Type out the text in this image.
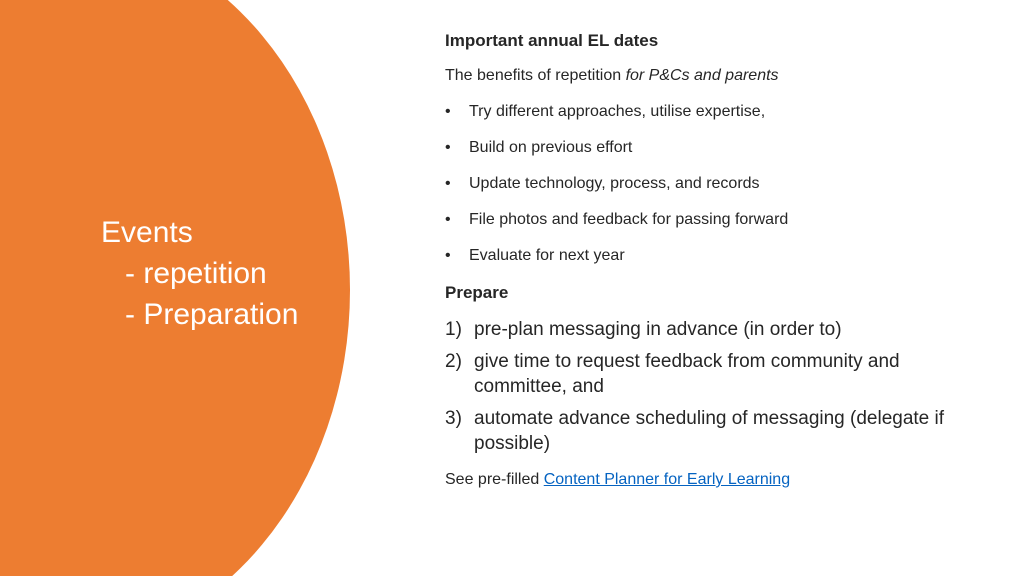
Events
- repetition
- Preparation
Important annual EL dates
The benefits of repetition for P&Cs and parents
• Try different approaches, utilise expertise,
• Build on previous effort
• Update technology, process, and records
• File photos and feedback for passing forward
• Evaluate for next year
Prepare
1) pre-plan messaging in advance (in order to)
2) give time to request feedback from community and committee, and
3) automate advance scheduling of messaging (delegate if possible)
See pre-filled Content Planner for Early Learning
